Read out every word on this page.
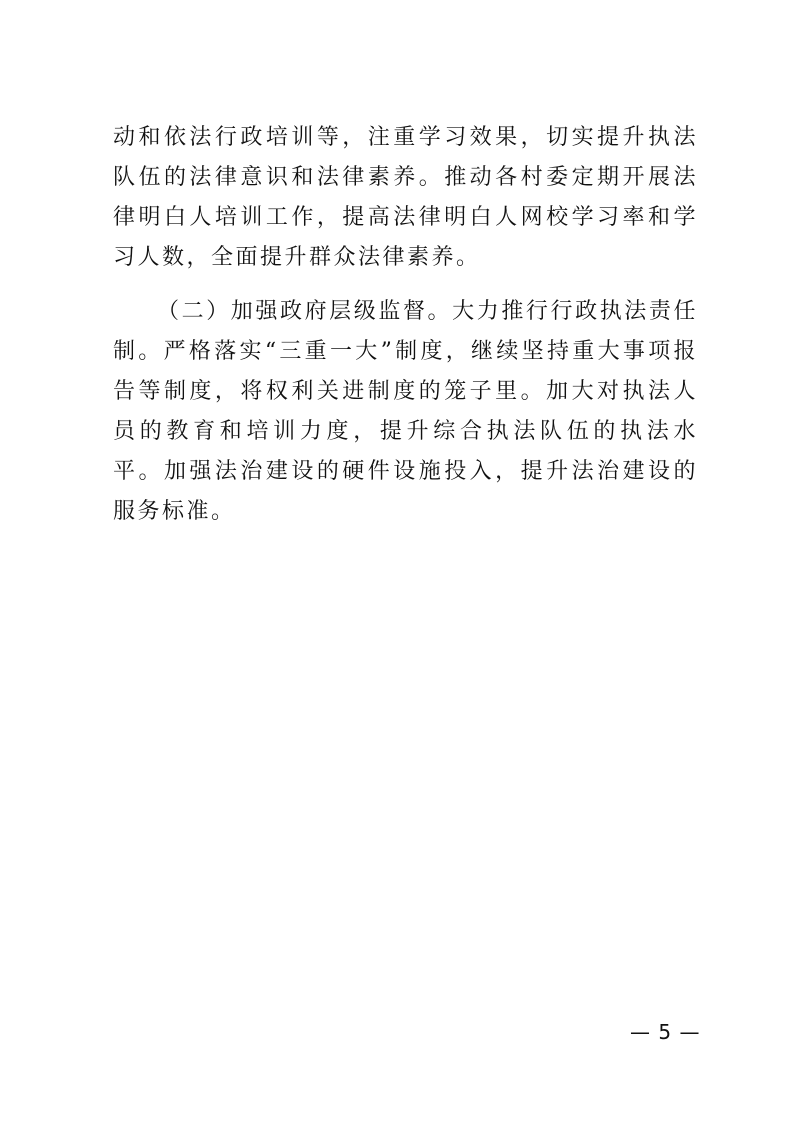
动和依法行政培训等，注重学习效果，切实提升执法队伍的法律意识和法律素养。推动各村委定期开展法律明白人培训工作，提高法律明白人网校学习率和学习人数，全面提升群众法律素养。

（二）加强政府层级监督。大力推行行政执法责任制。严格落实“三重一大”制度，继续坚持重大事项报告等制度，将权利关进制度的笼子里。加大对执法人员的教育和培训力度，提升综合执法队伍的执法水平。加强法治建设的硬件设施投入，提升法治建设的服务标准。

— 5 —
